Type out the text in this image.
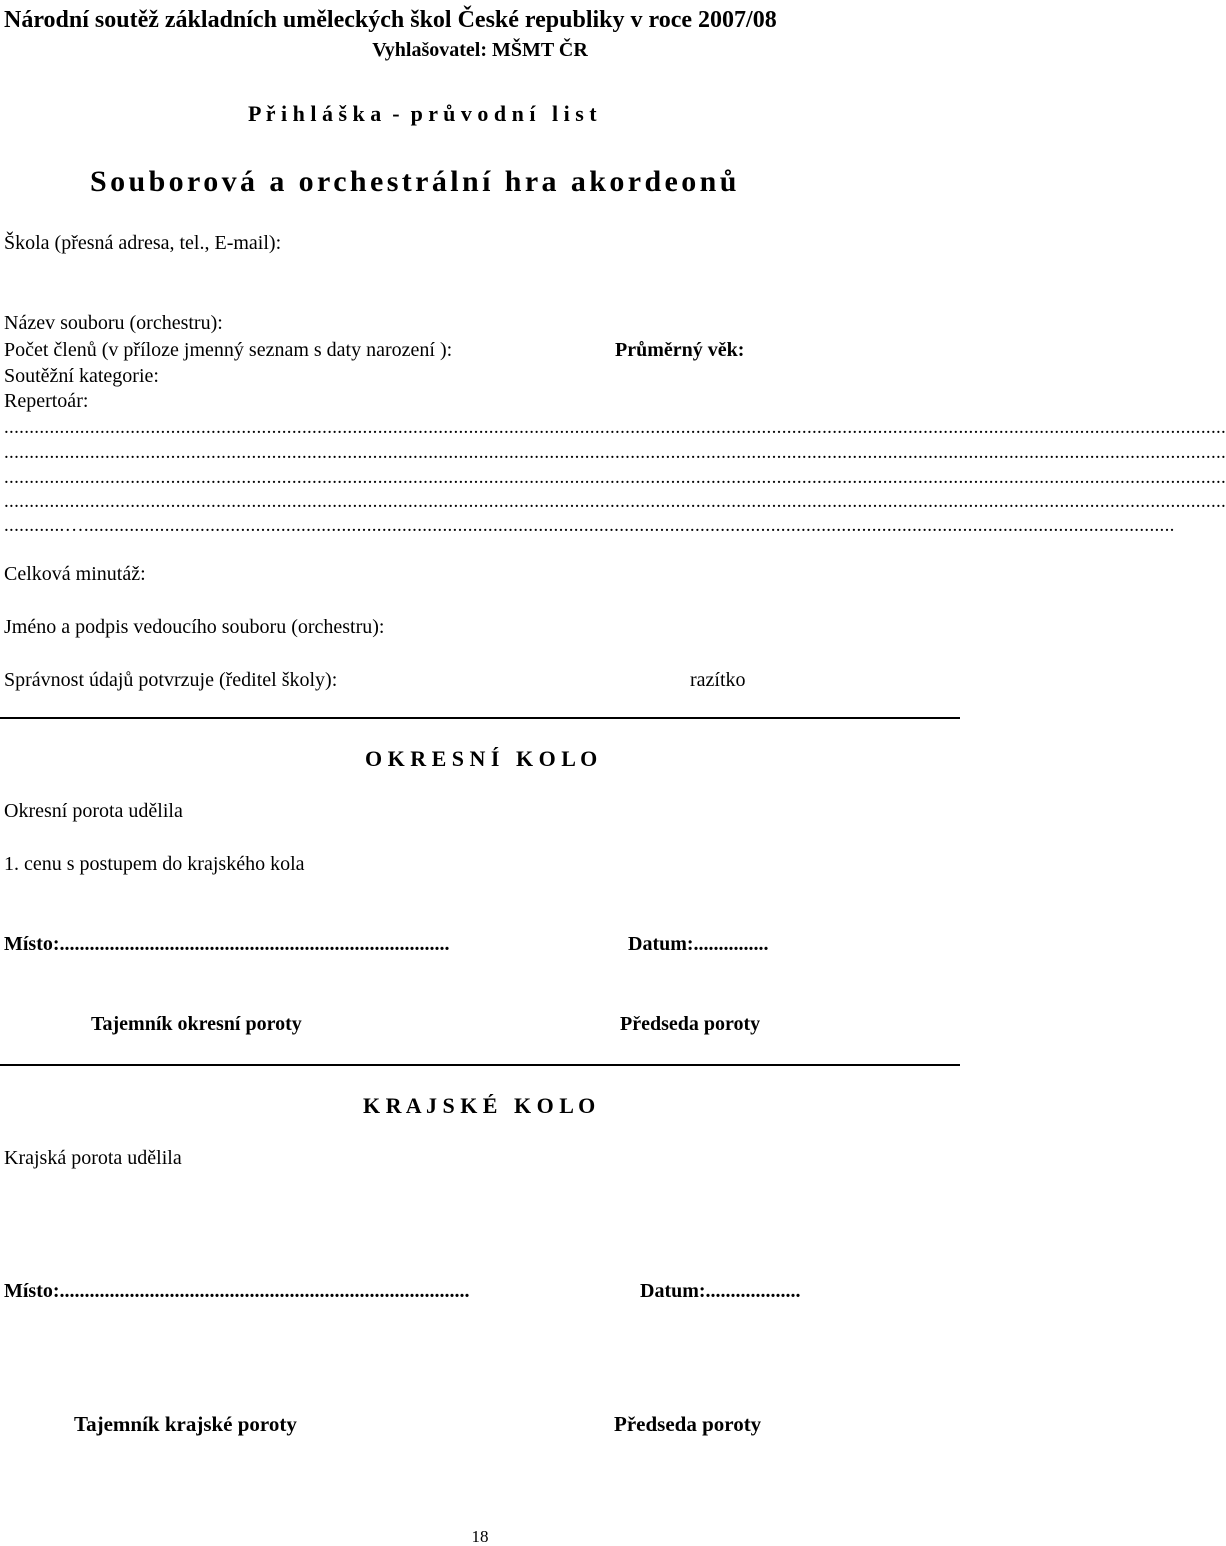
Národní soutěž základních uměleckých škol České republiky v roce 2007/08
Vyhlašovatel: MŠMT ČR
P ř i h l á š k a  -  p r ů v o d n í   l i s t
Souborová a orchestrální hra akordeonů
Škola (přesná adresa, tel., E-mail):
Název souboru (orchestru):
Počet členů (v příloze jmenný seznam s daty narození ):	Průměrný věk:
Soutěžní kategorie:
Repertoár:
..................................................................................................................................................................................................................................................
..................................................................................................................................................................................................................................................
..................................................................................................................................................................................................................................................
..................................................................................................................................................................................................................................................
............…........................................................................................................................................................................................................................
Celková minutáž:
Jméno a podpis vedoucího souboru (orchestru):
Správnost údajů potvrzuje (ředitel školy):	razítko
O K R E S N Í   K O L O
Okresní porota udělila
1. cenu s postupem do krajského kola
Místo:..............................................................................	Datum:...............
Tajemník okresní poroty	Předseda poroty
K R A J S K É   K O L O
Krajská porota udělila
Místo:..................................................................................	Datum:...................
Tajemník krajské poroty	Předseda poroty
18
